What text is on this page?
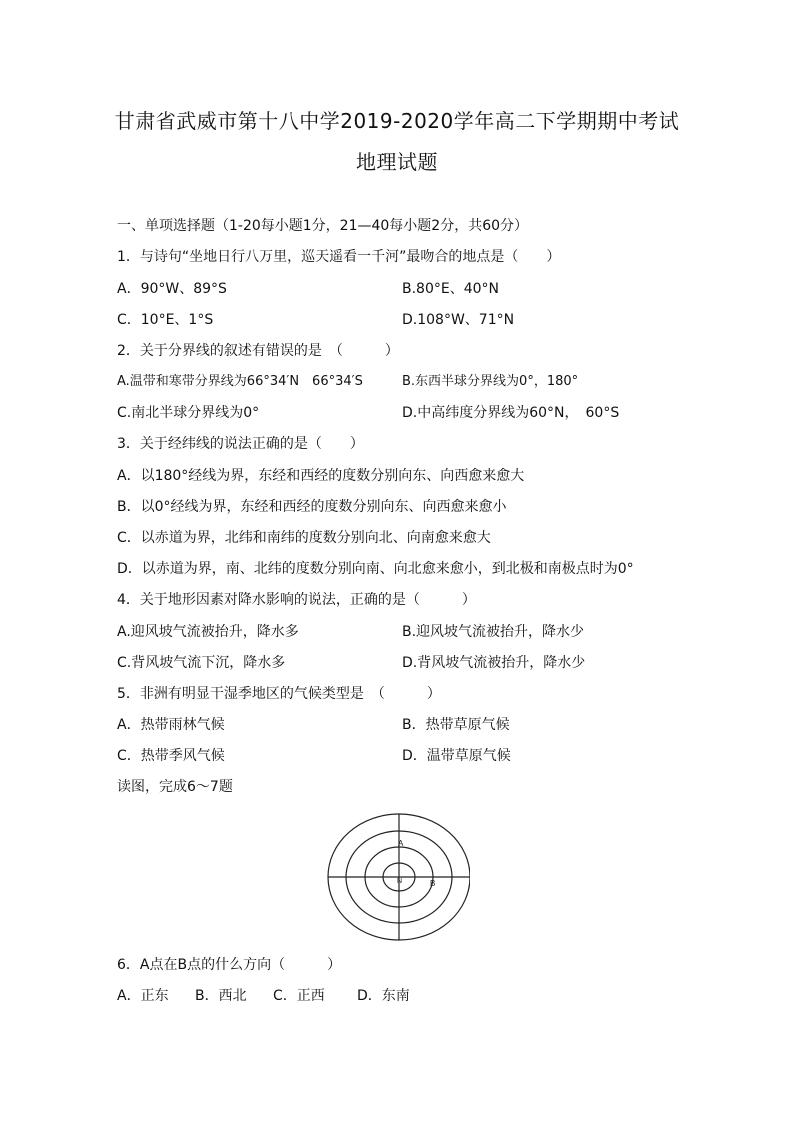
甘肃省武威市第十八中学2019-2020学年高二下学期期中考试
地理试题
一、单项选择题（1-20每小题1分，21—40每小题2分，共60分）
1．与诗句“坐地日行八万里，巡天遥看一千河”最吻合的地点是（　　）
A．90°W、89°S	B.80°E、40°N
C．10°E、1°S	D.108°W、71°N
2．关于分界线的叙述有错误的是　（　　　）
A.温带和寒带分界线为66°34′N　66°34′S	B.东西半球分界线为0°，180°
C.南北半球分界线为0°	D.中高纬度分界线为60°N，　60°S
3．关于经纬线的说法正确的是（　　）
A．以180°经线为界，东经和西经的度数分别向东、向西愈来愈大
B．以0°经线为界，东经和西经的度数分别向东、向西愈来愈小
C．以赤道为界，北纬和南纬的度数分别向北、向南愈来愈大
D．以赤道为界，南、北纬的度数分别向南、向北愈来愈小，到北极和南极点时为0°
4．关于地形因素对降水影响的说法，正确的是（　　　）
A.迎风坡气流被抬升，降水多	B.迎风坡气流被抬升，降水少
C.背风坡气流下沉，降水多	D.背风坡气流被抬升，降水少
5．非洲有明显干湿季地区的气候类型是　（　　　）
A．热带雨林气候	B．热带草原气候
C．热带季风气候	D．温带草原气候
读图，完成6～7题
A
B
N
6．A点在B点的什么方向（　　　）
A．正东 B．西北 C．正西 D．东南
